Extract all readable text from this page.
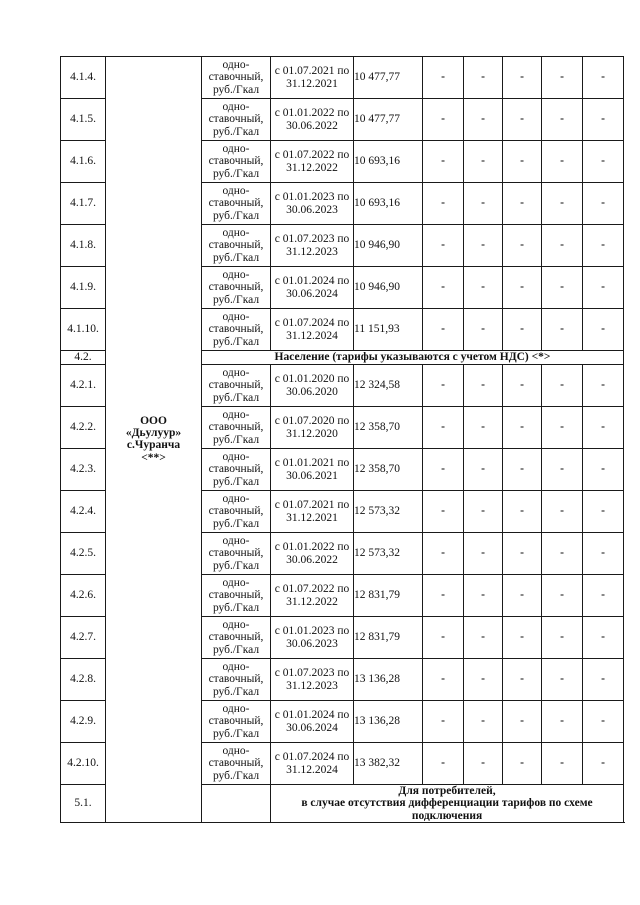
4.1.4.	ООО «Дьулуур» с.Чуранча <**>	одно-ставочный, руб./Гкал	с 01.07.2021 по 31.12.2021	10 477,77	-	-	-	-	-
4.1.5.		одно-ставочный, руб./Гкал	с 01.01.2022 по 30.06.2022	10 477,77	-	-	-	-	-
4.1.6.		одно-ставочный, руб./Гкал	с 01.07.2022 по 31.12.2022	10 693,16	-	-	-	-	-
4.1.7.		одно-ставочный, руб./Гкал	с 01.01.2023 по 30.06.2023	10 693,16	-	-	-	-	-
4.1.8.		одно-ставочный, руб./Гкал	с 01.07.2023 по 31.12.2023	10 946,90	-	-	-	-	-
4.1.9.		одно-ставочный, руб./Гкал	с 01.01.2024 по 30.06.2024	10 946,90	-	-	-	-	-
4.1.10.		одно-ставочный, руб./Гкал	с 01.07.2024 по 31.12.2024	11 151,93	-	-	-	-	-
4.2.		Население (тарифы указываются с учетом НДС) <*>							
4.2.1.		одно-ставочный, руб./Гкал	с 01.01.2020 по 30.06.2020	12 324,58	-	-	-	-	-
4.2.2.		одно-ставочный, руб./Гкал	с 01.07.2020 по 31.12.2020	12 358,70	-	-	-	-	-
4.2.3.		одно-ставочный, руб./Гкал	с 01.01.2021 по 30.06.2021	12 358,70	-	-	-	-	-
4.2.4.		одно-ставочный, руб./Гкал	с 01.07.2021 по 31.12.2021	12 573,32	-	-	-	-	-
4.2.5.		одно-ставочный, руб./Гкал	с 01.01.2022 по 30.06.2022	12 573,32	-	-	-	-	-
4.2.6.		одно-ставочный, руб./Гкал	с 01.07.2022 по 31.12.2022	12 831,79	-	-	-	-	-
4.2.7.		одно-ставочный, руб./Гкал	с 01.01.2023 по 30.06.2023	12 831,79	-	-	-	-	-
4.2.8.		одно-ставочный, руб./Гкал	с 01.07.2023 по 31.12.2023	13 136,28	-	-	-	-	-
4.2.9.		одно-ставочный, руб./Гкал	с 01.01.2024 по 30.06.2024	13 136,28	-	-	-	-	-
4.2.10.		одно-ставочный, руб./Гкал	с 01.07.2024 по 31.12.2024	13 382,32	-	-	-	-	-
5.1.			Для потребителей,
в случае отсутствия дифференциации тарифов по схеме подключения						
